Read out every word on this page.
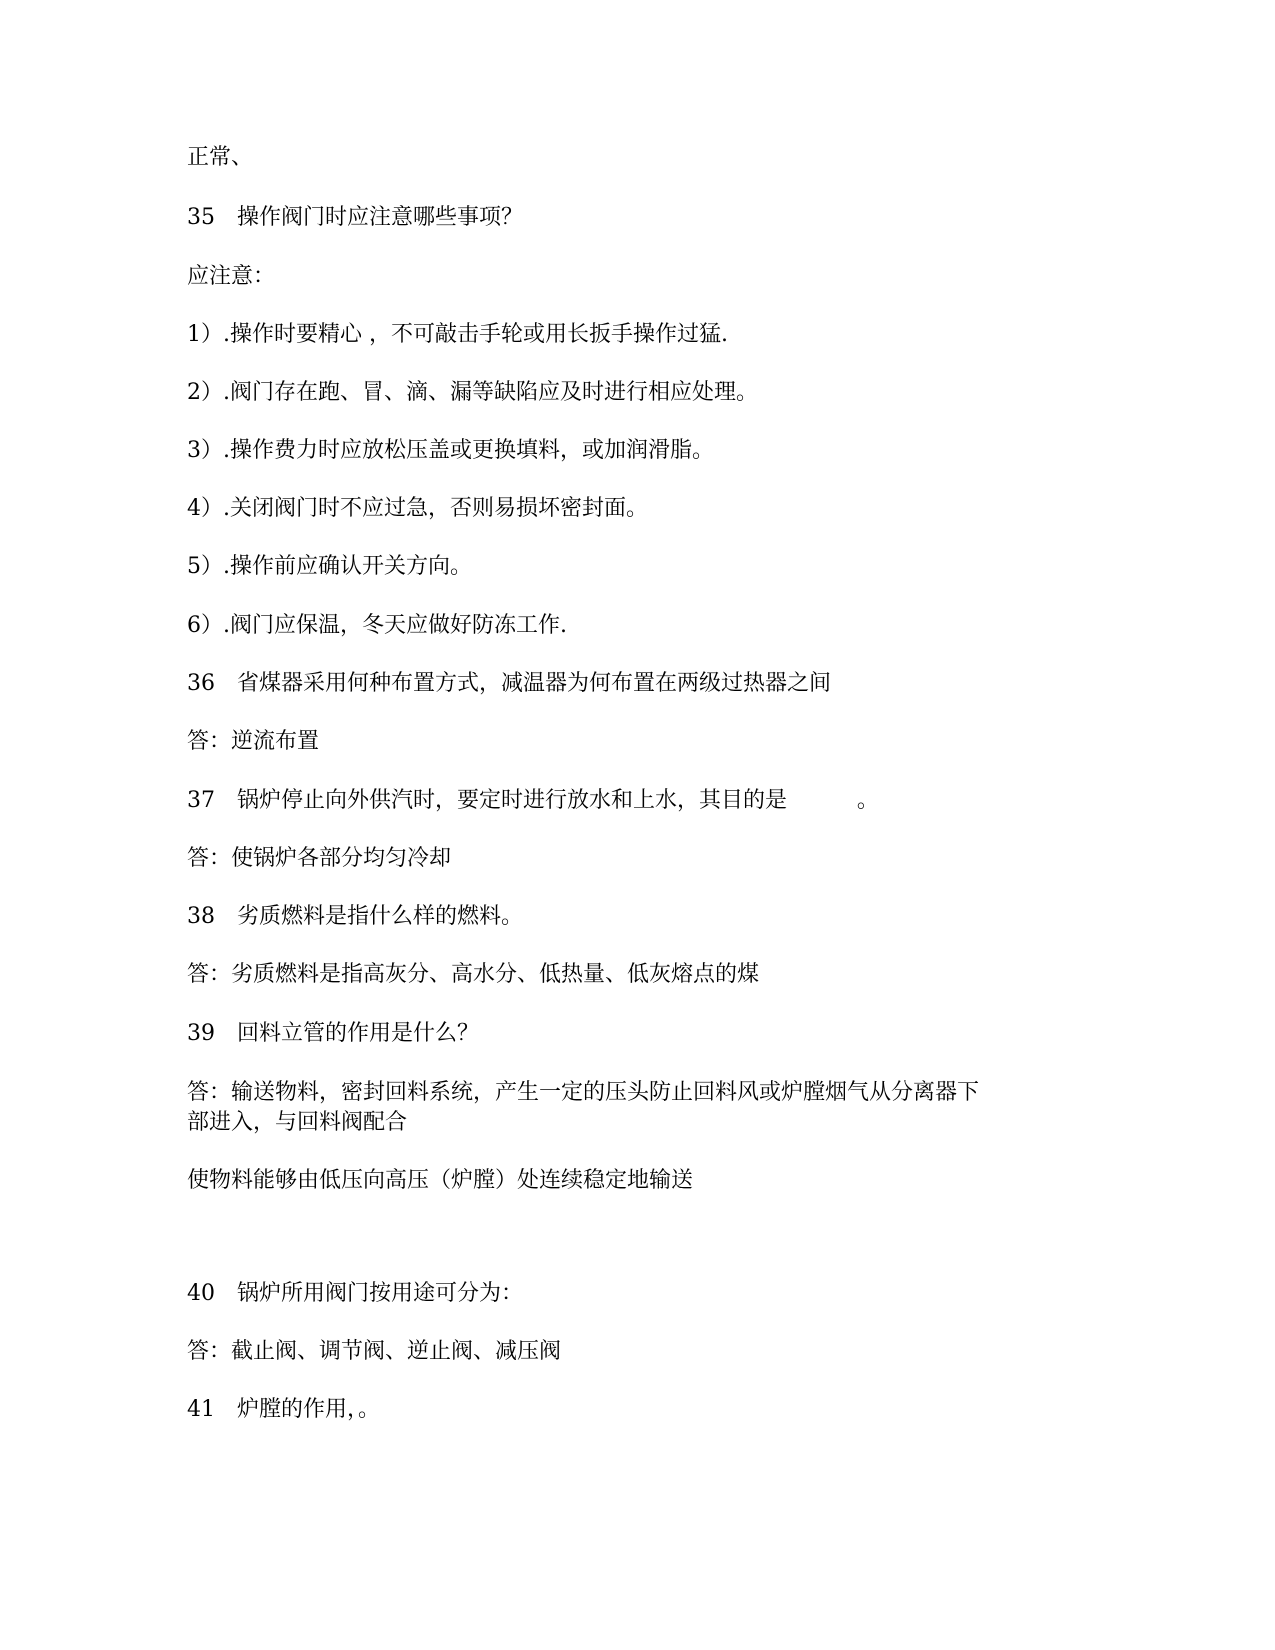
正常、
35 操作阀门时应注意哪些事项？
应注意：
1）.操作时要精心 ，不可敲击手轮或用长扳手操作过猛.
2）.阀门存在跑、冒、滴、漏等缺陷应及时进行相应处理。
3）.操作费力时应放松压盖或更换填料，或加润滑脂。
4）.关闭阀门时不应过急，否则易损坏密封面。
5）.操作前应确认开关方向。
6）.阀门应保温，冬天应做好防冻工作.
36 省煤器采用何种布置方式，减温器为何布置在两级过热器之间
答：逆流布置
37 锅炉停止向外供汽时，要定时进行放水和上水，其目的是          。
答：使锅炉各部分均匀冷却
38 劣质燃料是指什么样的燃料。
答：劣质燃料是指高灰分、高水分、低热量、低灰熔点的煤
39 回料立管的作用是什么？
答：输送物料，密封回料系统，产生一定的压头防止回料风或炉膛烟气从分离器下
部进入，与回料阀配合
使物料能够由低压向高压（炉膛）处连续稳定地输送
40 锅炉所用阀门按用途可分为：
答：截止阀、调节阀、逆止阀、减压阀
41 炉膛的作用，。
